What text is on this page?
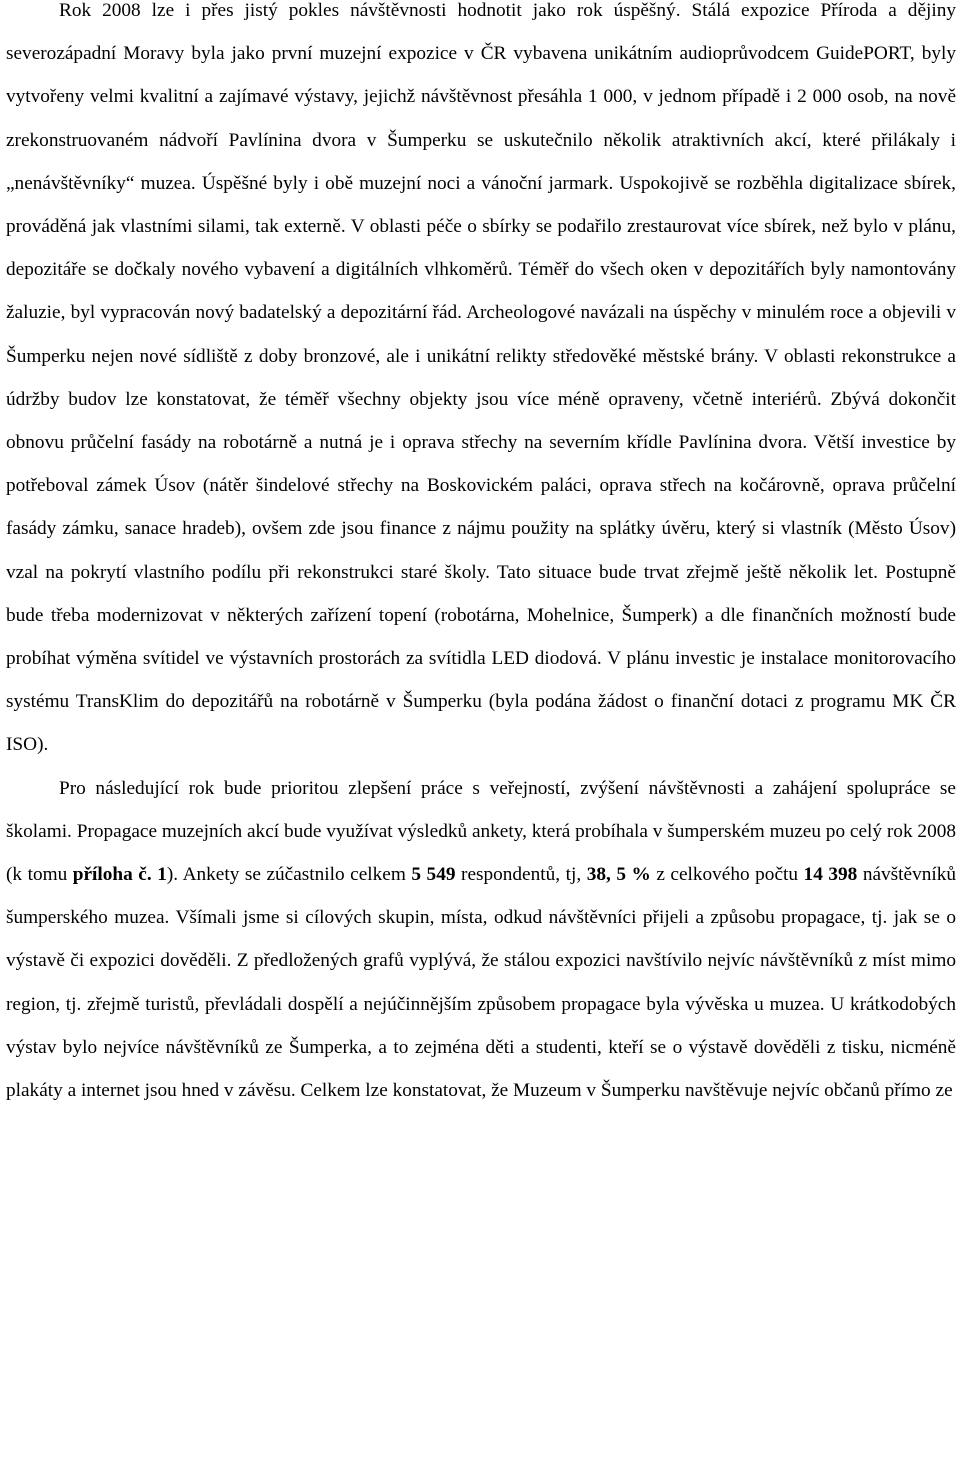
Rok 2008 lze i přes jistý pokles návštěvnosti hodnotit jako rok úspěšný. Stálá expozice Příroda a dějiny severozápadní Moravy byla jako první muzejní expozice v ČR vybavena unikátním audioprůvodcem GuidePORT, byly vytvořeny velmi kvalitní a zajímavé výstavy, jejichž návštěvnost přesáhla 1 000, v jednom případě i 2 000 osob, na nově zrekonstruovaném nádvoří Pavlínina dvora v Šumperku se uskutečnilo několik atraktivních akcí, které přilákaly i „nenávštěvníky“ muzea. Úspěšné byly i obě muzejní noci a vánoční jarmark. Uspokojivě se rozběhla digitalizace sbírek, prováděná jak vlastními silami, tak externě. V oblasti péče o sbírky se podařilo zrestaurovat více sbírek, než bylo v plánu, depozitáře se dočkaly nového vybavení a digitálních vlhkoměrů. Téměř do všech oken v depozitářích byly namontovány žaluzie, byl vypracován nový badatelský a depozitární řád. Archeologové navázali na úspěchy v minulém roce a objevili v Šumperku nejen nové sídliště z doby bronzové, ale i unikátní relikty středověké městské brány. V oblasti rekonstrukce a údržby budov lze konstatovat, že téměř všechny objekty jsou více méně opraveny, včetně interiérů. Zbývá dokončit obnovu průčelní fasády na robotárně a nutná je i oprava střechy na severním křídle Pavlínina dvora. Větší investice by potřeboval zámek Úsov (nátěr šindelové střechy na Boskovickém paláci, oprava střech na kočárovně, oprava průčelní fasády zámku, sanace hradeb), ovšem zde jsou finance z nájmu použity na splátky úvěru, který si vlastník (Město Úsov) vzal na pokrytí vlastního podílu při rekonstrukci staré školy. Tato situace bude trvat zřejmě ještě několik let. Postupně bude třeba modernizovat v některých zařízení topení (robotárna, Mohelnice, Šumperk) a dle finančních možností bude probíhat výměna svítidel ve výstavních prostorách za svítidla LED diodová. V plánu investic je instalace monitorovacího systému TransKlim do depozitářů na robotárně v Šumperku (byla podána žádost o finanční dotaci z programu MK ČR ISO).

Pro následující rok bude prioritou zlepšení práce s veřejností, zvýšení návštěvnosti a zahájení spolupráce se školami. Propagace muzejních akcí bude využívat výsledků ankety, která probíhala v šumperském muzeu po celý rok 2008 (k tomu příloha č. 1). Ankety se zúčastnilo celkem 5 549 respondentů, tj, 38, 5 % z celkového počtu 14 398 návštěvníků šumperského muzea. Všímali jsme si cílových skupin, místa, odkud návštěvníci přijeli a způsobu propagace, tj. jak se o výstavě či expozici dověděli. Z předložených grafů vyplývá, že stálou expozici navštívilo nejvíc návštěvníků z míst mimo region, tj. zřejmě turistů, převládali dospělí a nejúčinnějším způsobem propagace byla vývěska u muzea. U krátkodobých výstav bylo nejvíce návštěvníků ze Šumperka, a to zejména děti a studenti, kteří se o výstavě dověděli z tisku, nicméně plakáty a internet jsou hned v závěsu. Celkem lze konstatovat, že Muzeum v Šumperku navštěvuje nejvíc občanů přímo ze
